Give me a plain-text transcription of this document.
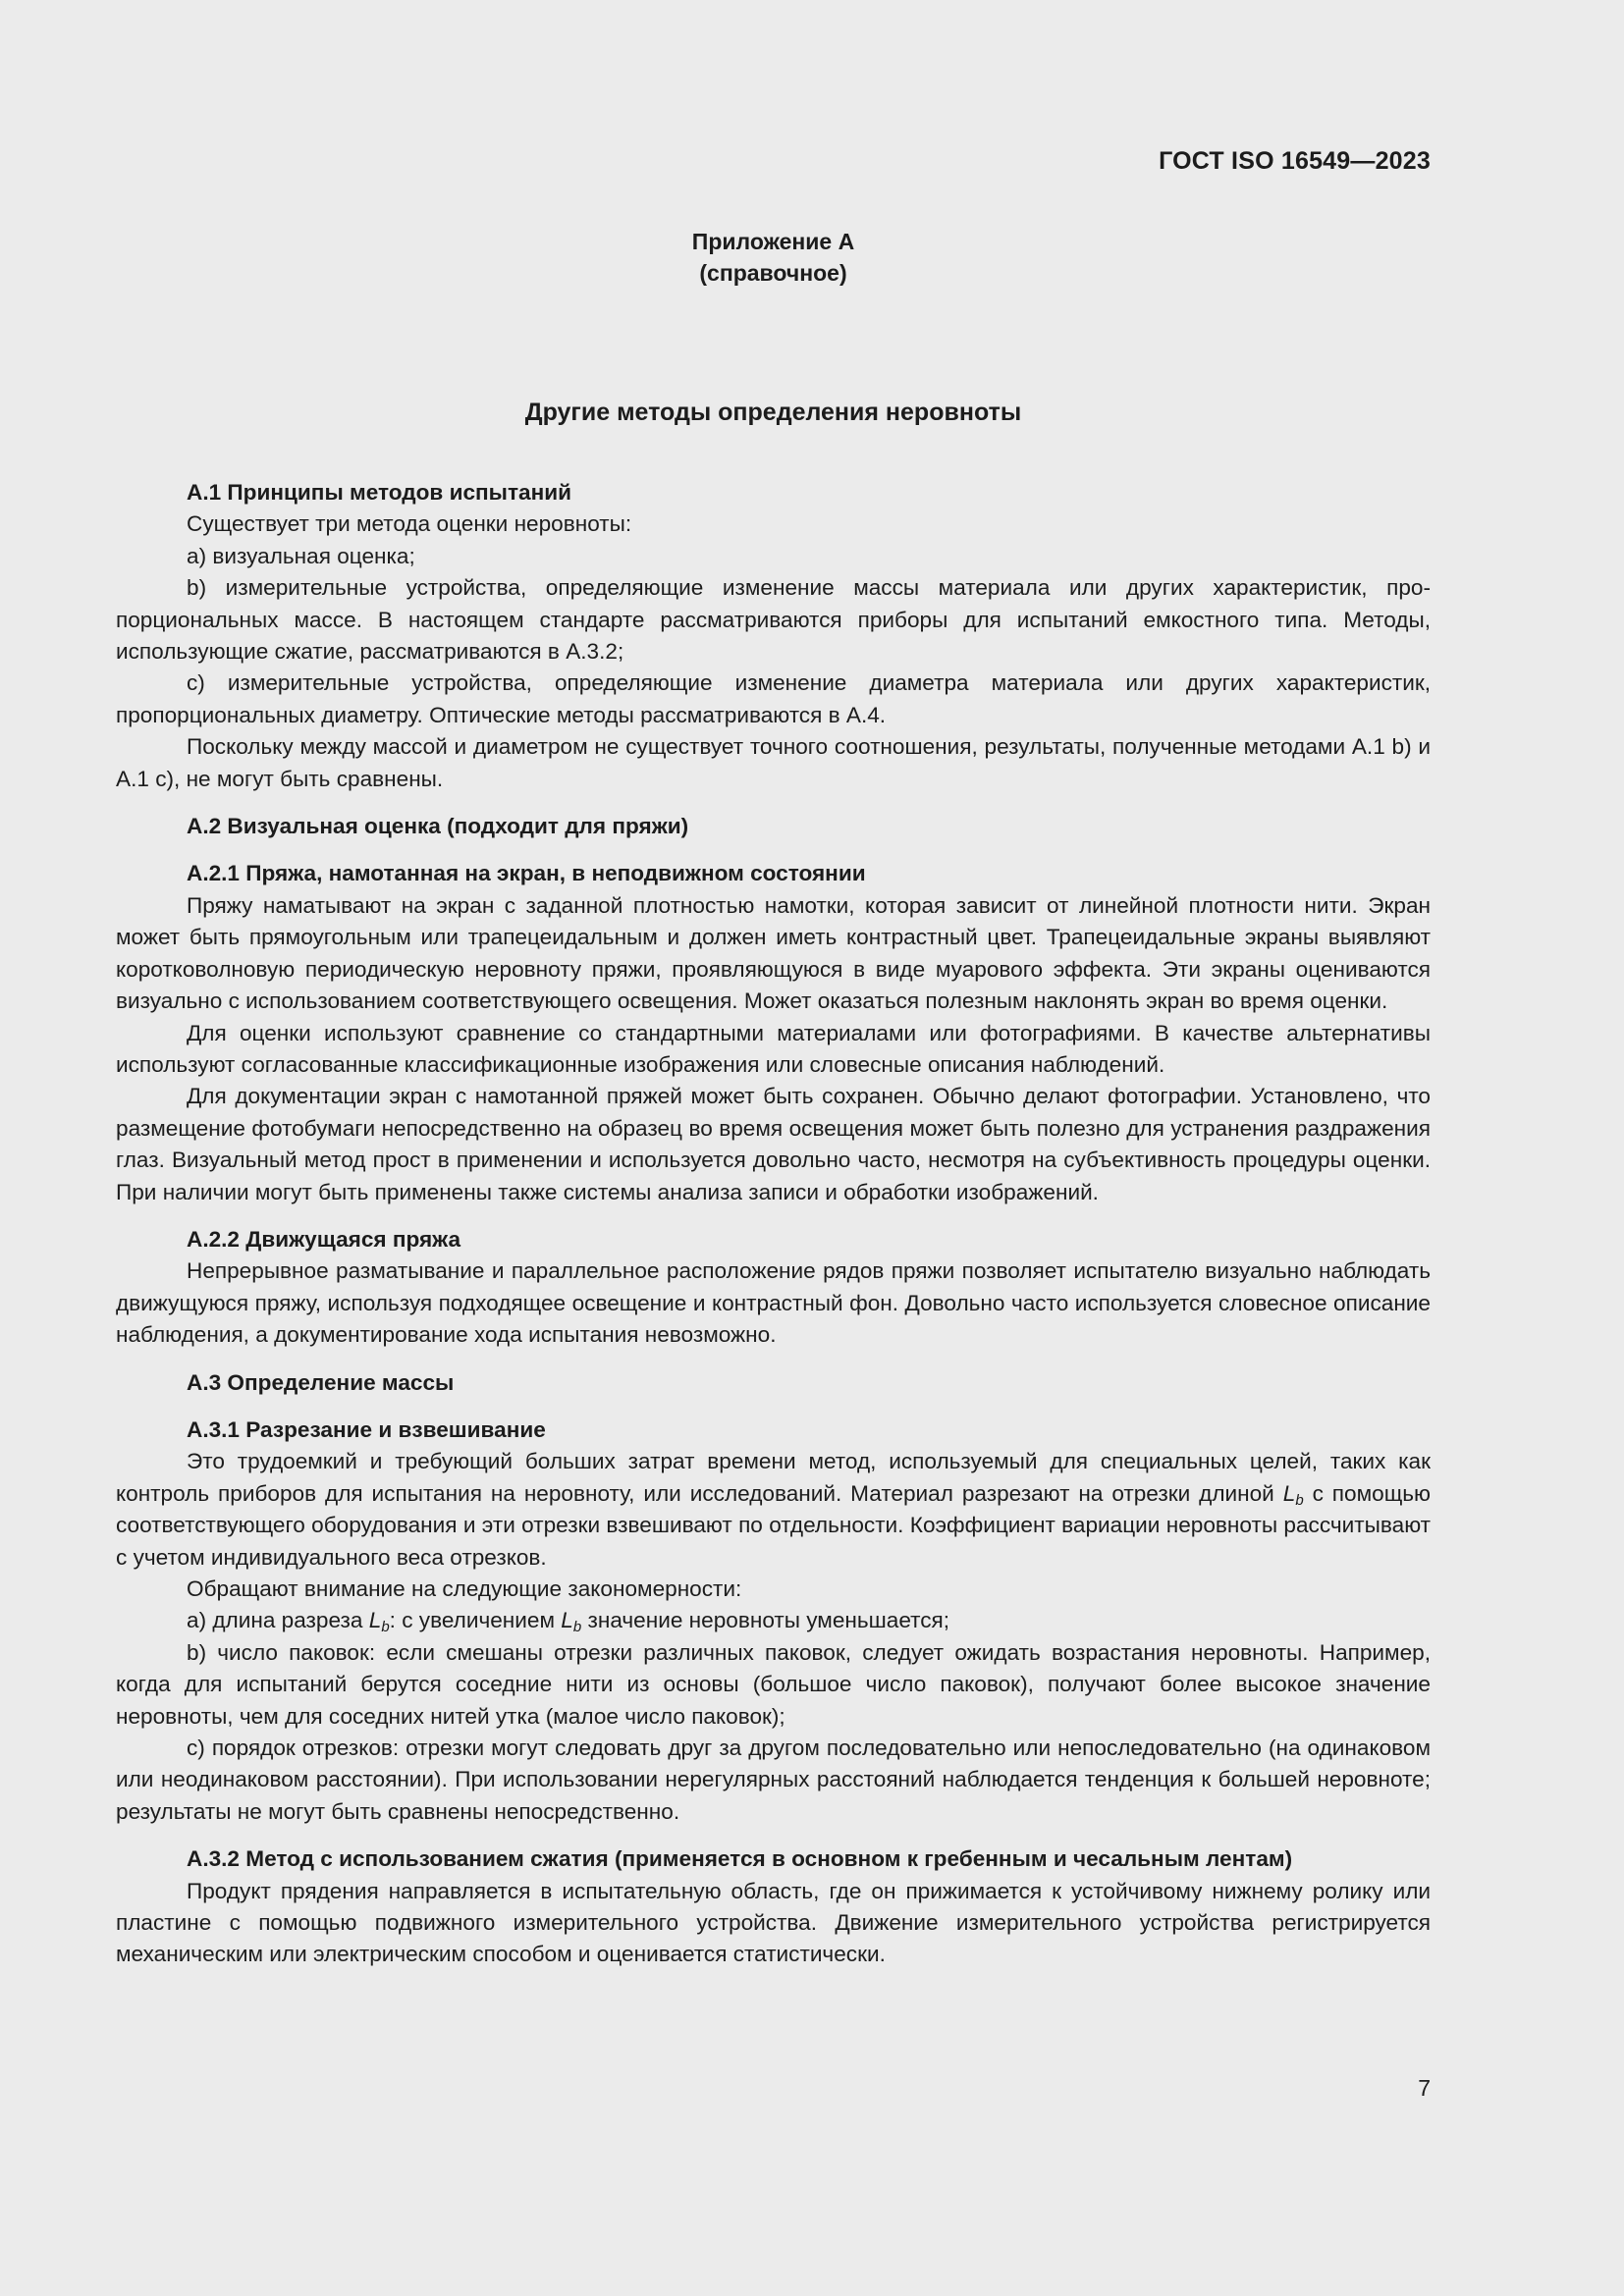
ГОСТ ISO 16549—2023
Приложение А
(справочное)
Другие методы определения неровноты
А.1 Принципы методов испытаний

Существует три метода оценки неровноты:

a) визуальная оценка;

b) измерительные устройства, определяющие изменение массы материала или других характеристик, пропорциональных массе. В настоящем стандарте рассматриваются приборы для испытаний емкостного типа. Методы, использующие сжатие, рассматриваются в А.3.2;

c) измерительные устройства, определяющие изменение диаметра материала или других характеристик, пропорциональных диаметру. Оптические методы рассматриваются в А.4.

Поскольку между массой и диаметром не существует точного соотношения, результаты, полученные методами А.1 b) и А.1 c), не могут быть сравнены.

А.2 Визуальная оценка (подходит для пряжи)
А.2.1 Пряжа, намотанная на экран, в неподвижном состоянии

Пряжу наматывают на экран с заданной плотностью намотки, которая зависит от линейной плотности нити. Экран может быть прямоугольным или трапецеидальным и должен иметь контрастный цвет. Трапецеидальные экраны выявляют коротковолновую периодическую неровноту пряжи, проявляющуюся в виде муарового эффекта. Эти экраны оцениваются визуально с использованием соответствующего освещения. Может оказаться полезным наклонять экран во время оценки.

Для оценки используют сравнение со стандартными материалами или фотографиями. В качестве альтернативы используют согласованные классификационные изображения или словесные описания наблюдений.

Для документации экран с намотанной пряжей может быть сохранен. Обычно делают фотографии. Установлено, что размещение фотобумаги непосредственно на образец во время освещения может быть полезно для устранения раздражения глаз. Визуальный метод прост в применении и используется довольно часто, несмотря на субъективность процедуры оценки. При наличии могут быть применены также системы анализа записи и обработки изображений.

А.2.2 Движущаяся пряжа

Непрерывное разматывание и параллельное расположение рядов пряжи позволяет испытателю визуально наблюдать движущуюся пряжу, используя подходящее освещение и контрастный фон. Довольно часто используется словесное описание наблюдения, а документирование хода испытания невозможно.

А.3 Определение массы
А.3.1 Разрезание и взвешивание

Это трудоемкий и требующий больших затрат времени метод, используемый для специальных целей, таких как контроль приборов для испытания на неровноту, или исследований. Материал разрезают на отрезки длиной $L_b$ с помощью соответствующего оборудования и эти отрезки взвешивают по отдельности. Коэффициент вариации неровноты рассчитывают с учетом индивидуального веса отрезков.

Обращают внимание на следующие закономерности:

a) длина разреза $L_b$: с увеличением $L_b$ значение неровноты уменьшается;

b) число паковок: если смешаны отрезки различных паковок, следует ожидать возрастания неровноты. Например, когда для испытаний берутся соседние нити из основы (большое число паковок), получают более высокое значение неровноты, чем для соседних нитей утка (малое число паковок);

c) порядок отрезков: отрезки могут следовать друг за другом последовательно или непоследовательно (на одинаковом или неодинаковом расстоянии). При использовании нерегулярных расстояний наблюдается тенденция к большей неровноте; результаты не могут быть сравнены непосредственно.

А.3.2 Метод с использованием сжатия (применяется в основном к гребенным и чесальным лентам)

Продукт прядения направляется в испытательную область, где он прижимается к устойчивому нижнему ролику или пластине с помощью подвижного измерительного устройства. Движение измерительного устройства регистрируется механическим или электрическим способом и оценивается статистически.

7
